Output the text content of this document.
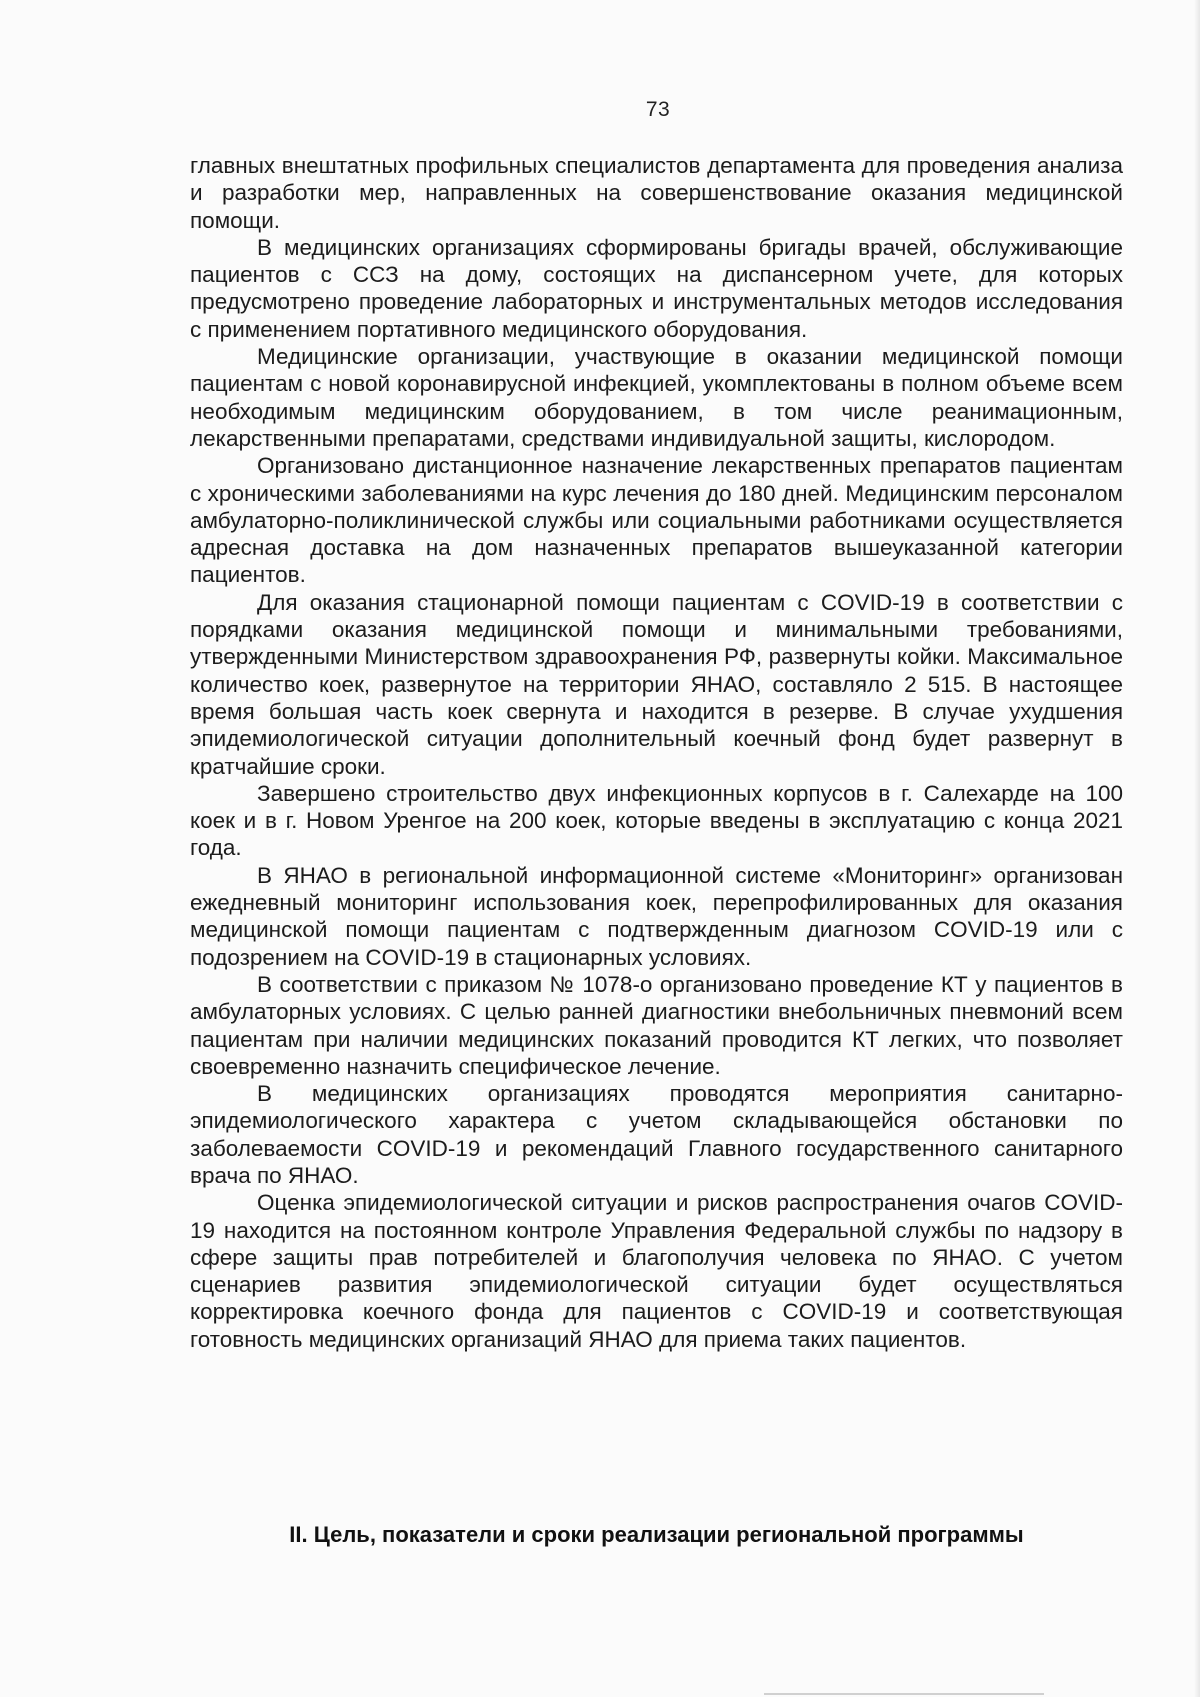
73

главных внештатных профильных специалистов департамента для проведения анализа и разработки мер, направленных на совершенствование оказания медицинской помощи.

В медицинских организациях сформированы бригады врачей, обслуживающие пациентов с ССЗ на дому, состоящих на диспансерном учете, для которых предусмотрено проведение лабораторных и инструментальных методов исследования с применением портативного медицинского оборудования.

Медицинские организации, участвующие в оказании медицинской помощи пациентам с новой коронавирусной инфекцией, укомплектованы в полном объеме всем необходимым медицинским оборудованием, в том числе реанимационным, лекарственными препаратами, средствами индивидуальной защиты, кислородом.

Организовано дистанционное назначение лекарственных препаратов пациентам с хроническими заболеваниями на курс лечения до 180 дней. Медицинским персоналом амбулаторно-поликлинической службы или социальными работниками осуществляется адресная доставка на дом назначенных препаратов вышеуказанной категории пациентов.

Для оказания стационарной помощи пациентам с COVID-19 в соответствии с порядками оказания медицинской помощи и минимальными требованиями, утвержденными Министерством здравоохранения РФ, развернуты койки. Максимальное количество коек, развернутое на территории ЯНАО, составляло 2 515. В настоящее время большая часть коек свернута и находится в резерве. В случае ухудшения эпидемиологической ситуации дополнительный коечный фонд будет развернут в кратчайшие сроки.

Завершено строительство двух инфекционных корпусов в г. Салехарде на 100 коек и в г. Новом Уренгое на 200 коек, которые введены в эксплуатацию с конца 2021 года.

В ЯНАО в региональной информационной системе «Мониторинг» организован ежедневный мониторинг использования коек, перепрофилированных для оказания медицинской помощи пациентам с подтвержденным диагнозом COVID-19 или с подозрением на COVID-19 в стационарных условиях.

В соответствии с приказом № 1078-о организовано проведение КТ у пациентов в амбулаторных условиях. С целью ранней диагностики внебольничных пневмоний всем пациентам при наличии медицинских показаний проводится КТ легких, что позволяет своевременно назначить специфическое лечение.

В медицинских организациях проводятся мероприятия санитарно-эпидемиологического характера с учетом складывающейся обстановки по заболеваемости COVID-19 и рекомендаций Главного государственного санитарного врача по ЯНАО.

Оценка эпидемиологической ситуации и рисков распространения очагов COVID-19 находится на постоянном контроле Управления Федеральной службы по надзору в сфере защиты прав потребителей и благополучия человека по ЯНАО. С учетом сценариев развития эпидемиологической ситуации будет осуществляться корректировка коечного фонда для пациентов с COVID-19 и соответствующая готовность медицинских организаций ЯНАО для приема таких пациентов.

II. Цель, показатели и сроки реализации региональной программы
